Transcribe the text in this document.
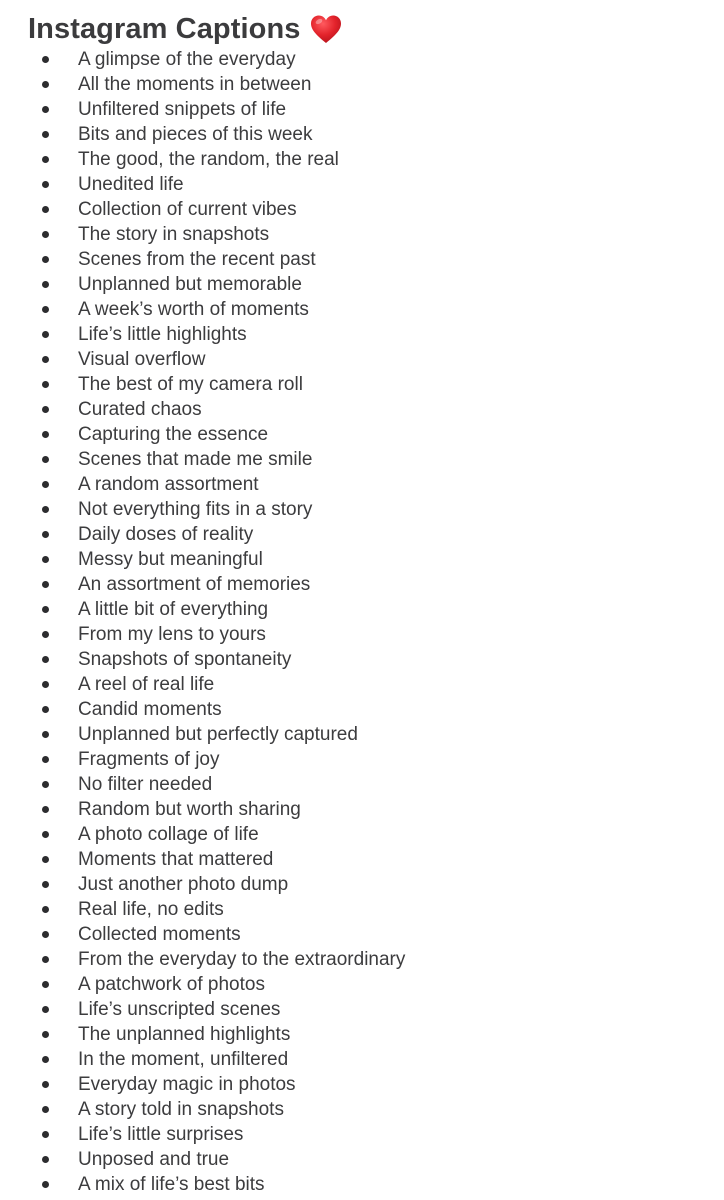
Instagram Captions
A glimpse of the everyday
All the moments in between
Unfiltered snippets of life
Bits and pieces of this week
The good, the random, the real
Unedited life
Collection of current vibes
The story in snapshots
Scenes from the recent past
Unplanned but memorable
A week’s worth of moments
Life’s little highlights
Visual overflow
The best of my camera roll
Curated chaos
Capturing the essence
Scenes that made me smile
A random assortment
Not everything fits in a story
Daily doses of reality
Messy but meaningful
An assortment of memories
A little bit of everything
From my lens to yours
Snapshots of spontaneity
A reel of real life
Candid moments
Unplanned but perfectly captured
Fragments of joy
No filter needed
Random but worth sharing
A photo collage of life
Moments that mattered
Just another photo dump
Real life, no edits
Collected moments
From the everyday to the extraordinary
A patchwork of photos
Life’s unscripted scenes
The unplanned highlights
In the moment, unfiltered
Everyday magic in photos
A story told in snapshots
Life’s little surprises
Unposed and true
A mix of life’s best bits
